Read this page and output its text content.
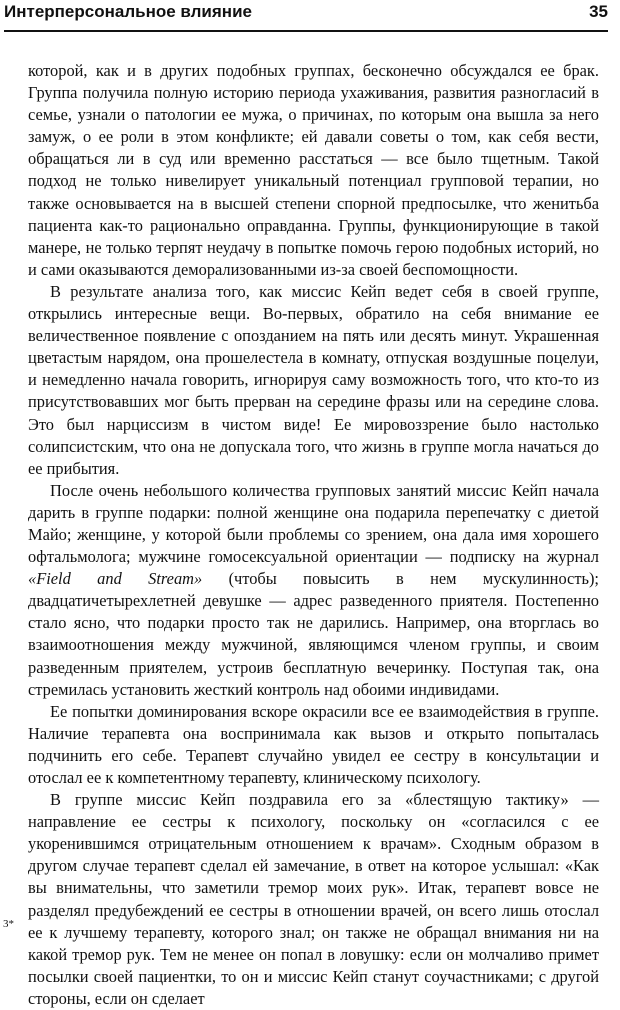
Интерперсональное влияние	35

которой, как и в других подобных группах, бесконечно обсуждался ее брак. Группа получила полную историю периода ухаживания, развития разногласий в семье, узнали о патологии ее мужа, о причинах, по которым она вышла за него замуж, о ее роли в этом конфликте; ей давали советы о том, как себя вести, обращаться ли в суд или временно расстаться — все было тщетным. Такой подход не только нивелирует уникальный потенциал групповой терапии, но также основывается на в высшей степени спорной предпосылке, что женитьба пациента как-то рационально оправданна. Группы, функционирующие в такой манере, не только терпят неудачу в попытке помочь герою подобных историй, но и сами оказываются деморализованными из-за своей беспомощности.

В результате анализа того, как миссис Кейп ведет себя в своей группе, открылись интересные вещи. Во-первых, обратило на себя внимание ее величественное появление с опозданием на пять или десять минут. Украшенная цветастым нарядом, она прошелестела в комнату, отпуская воздушные поцелуи, и немедленно начала говорить, игнорируя саму возможность того, что кто-то из присутствовавших мог быть прерван на середине фразы или на середине слова. Это был нарциссизм в чистом виде! Ее мировоззрение было настолько солипсистским, что она не допускала того, что жизнь в группе могла начаться до ее прибытия.

После очень небольшого количества групповых занятий миссис Кейп начала дарить в группе подарки: полной женщине она подарила перепечатку с диетой Майо; женщине, у которой были проблемы со зрением, она дала имя хорошего офтальмолога; мужчине гомосексуальной ориентации — подписку на журнал «Field and Stream» (чтобы повысить в нем мускулинность); двадцатичетырехлетней девушке — адрес разведенного приятеля. Постепенно стало ясно, что подарки просто так не дарились. Например, она вторглась во взаимоотношения между мужчиной, являющимся членом группы, и своим разведенным приятелем, устроив бесплатную вечеринку. Поступая так, она стремилась установить жесткий контроль над обоими индивидами.

Ее попытки доминирования вскоре окрасили все ее взаимодействия в группе. Наличие терапевта она воспринимала как вызов и открыто попыталась подчинить его себе. Терапевт случайно увидел ее сестру в консультации и отослал ее к компетентному терапевту, клиническому психологу.

В группе миссис Кейп поздравила его за «блестящую тактику» — направление ее сестры к психологу, поскольку он «согласился с ее укоренившимся отрицательным отношением к врачам». Сходным образом в другом случае терапевт сделал ей замечание, в ответ на которое услышал: «Как вы внимательны, что заметили тремор моих рук». Итак, терапевт вовсе не разделял предубеждений ее сестры в отношении врачей, он всего лишь отослал ее к лучшему терапевту, которого знал; он также не обращал внимания ни на какой тремор рук. Тем не менее он попал в ловушку: если он молчаливо примет посылки своей пациентки, то он и миссис Кейп станут соучастниками; с другой стороны, если он сделает

3*
